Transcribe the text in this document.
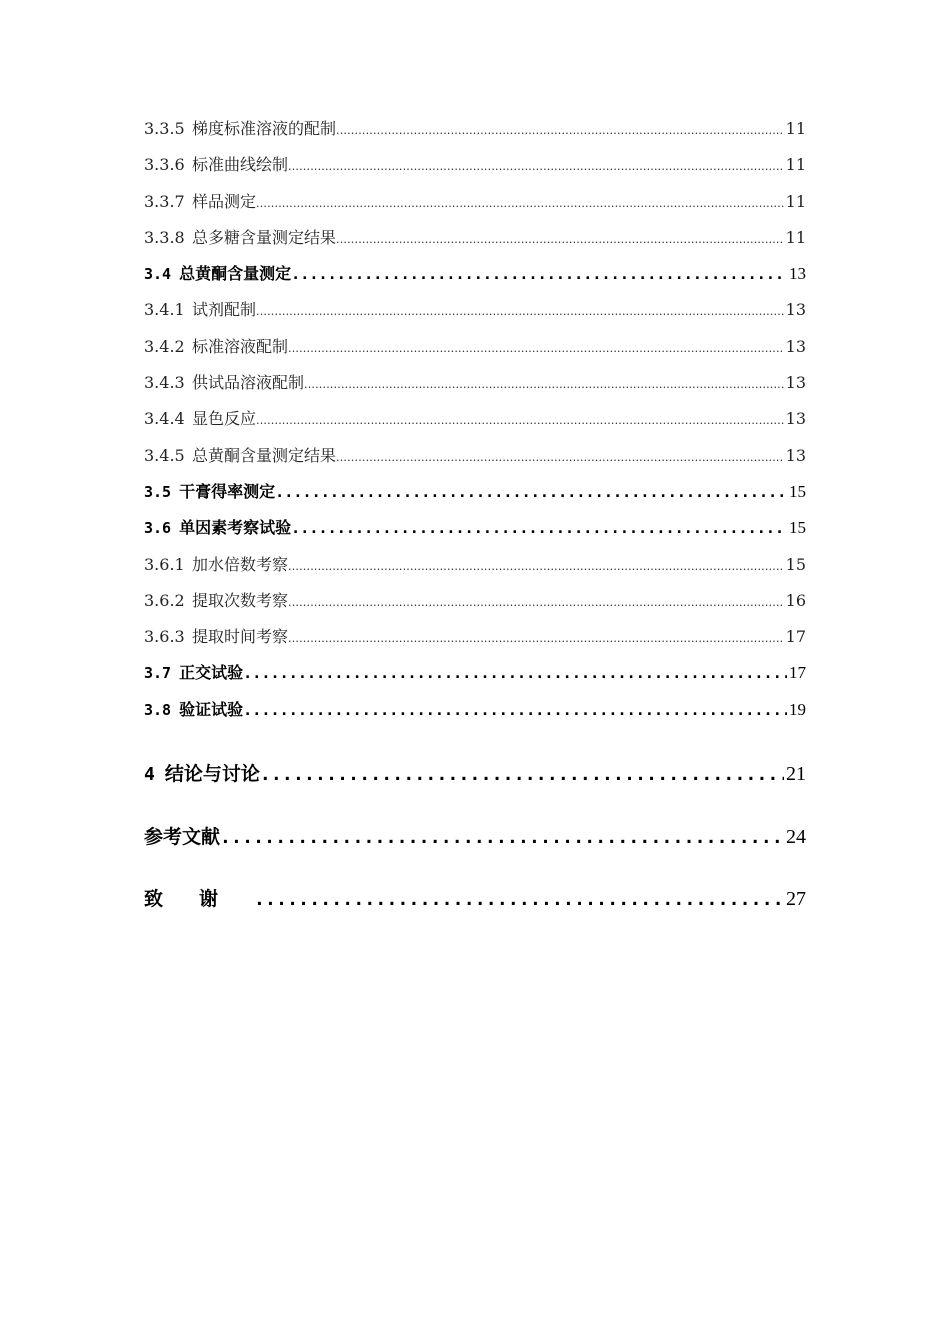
3.3.5 梯度标准溶液的配制 .....	11
3.3.6 标准曲线绘制 .....	11
3.3.7 样品测定 .....	11
3.3.8 总多糖含量测定结果 .....	11
3.4 总黄酮含量测定 .....	13
3.4.1 试剂配制 .....	13
3.4.2 标准溶液配制 .....	13
3.4.3 供试品溶液配制 .....	13
3.4.4 显色反应 .....	13
3.4.5 总黄酮含量测定结果 .....	13
3.5 干膏得率测定 .....	15
3.6 单因素考察试验 .....	15
3.6.1 加水倍数考察 .....	15
3.6.2 提取次数考察 .....	16
3.6.3 提取时间考察 .....	17
3.7 正交试验 .....	17
3.8 验证试验 .....	19
4 结论与讨论 .....	21
参考文献 .....	24
致谢 .....	27
